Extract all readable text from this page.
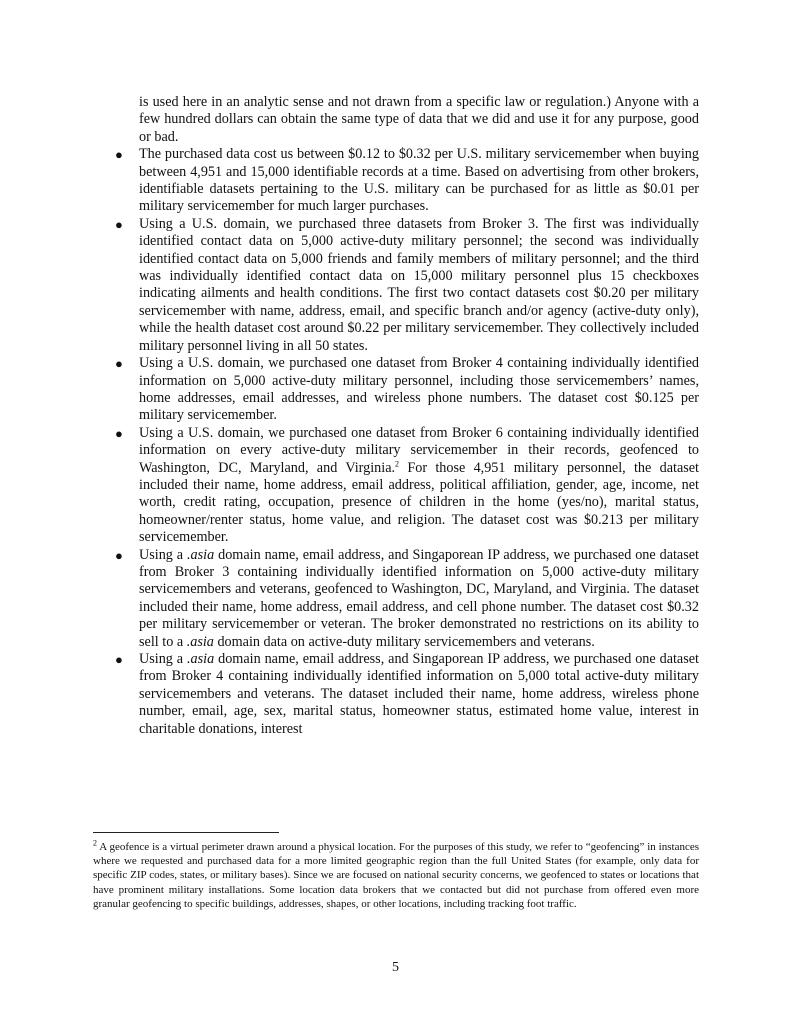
is used here in an analytic sense and not drawn from a specific law or regulation.) Anyone with a few hundred dollars can obtain the same type of data that we did and use it for any purpose, good or bad.

● The purchased data cost us between $0.12 to $0.32 per U.S. military servicemember when buying between 4,951 and 15,000 identifiable records at a time. Based on advertising from other brokers, identifiable datasets pertaining to the U.S. military can be purchased for as little as $0.01 per military servicemember for much larger purchases.
● Using a U.S. domain, we purchased three datasets from Broker 3. The first was individually identified contact data on 5,000 active-duty military personnel; the second was individually identified contact data on 5,000 friends and family members of military personnel; and the third was individually identified contact data on 15,000 military personnel plus 15 checkboxes indicating ailments and health conditions. The first two contact datasets cost $0.20 per military servicemember with name, address, email, and specific branch and/or agency (active-duty only), while the health dataset cost around $0.22 per military servicemember. They collectively included military personnel living in all 50 states.
● Using a U.S. domain, we purchased one dataset from Broker 4 containing individually identified information on 5,000 active-duty military personnel, including those servicemembers’ names, home addresses, email addresses, and wireless phone numbers. The dataset cost $0.125 per military servicemember.
● Using a U.S. domain, we purchased one dataset from Broker 6 containing individually identified information on every active-duty military servicemember in their records, geofenced to Washington, DC, Maryland, and Virginia.$^2$ For those 4,951 military personnel, the dataset included their name, home address, email address, political affiliation, gender, age, income, net worth, credit rating, occupation, presence of children in the home (yes/no), marital status, homeowner/renter status, home value, and religion. The dataset cost was $0.213 per military servicemember.
● Using a .asia domain name, email address, and Singaporean IP address, we purchased one dataset from Broker 3 containing individually identified information on 5,000 active-duty military servicemembers and veterans, geofenced to Washington, DC, Maryland, and Virginia. The dataset included their name, home address, email address, and cell phone number. The dataset cost $0.32 per military servicemember or veteran. The broker demonstrated no restrictions on its ability to sell to a .asia domain data on active-duty military servicemembers and veterans.
● Using a .asia domain name, email address, and Singaporean IP address, we purchased one dataset from Broker 4 containing individually identified information on 5,000 total active-duty military servicemembers and veterans. The dataset included their name, home address, wireless phone number, email, age, sex, marital status, homeowner status, estimated home value, interest in charitable donations, interest
$^2$ A geofence is a virtual perimeter drawn around a physical location. For the purposes of this study, we refer to “geofencing” in instances where we requested and purchased data for a more limited geographic region than the full United States (for example, only data for specific ZIP codes, states, or military bases). Since we are focused on national security concerns, we geofenced to states or locations that have prominent military installations. Some location data brokers that we contacted but did not purchase from offered even more granular geofencing to specific buildings, addresses, shapes, or other locations, including tracking foot traffic.
5
